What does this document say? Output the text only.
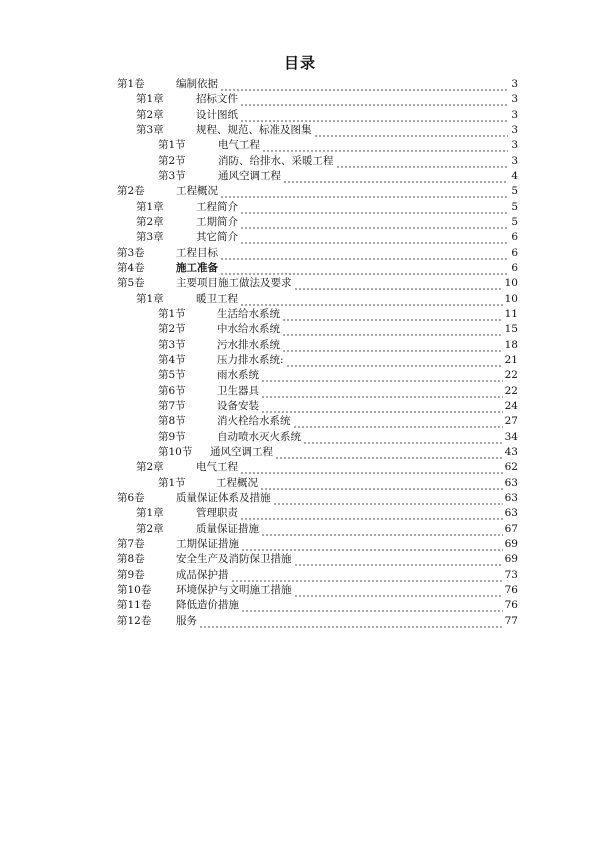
目录
第1卷	编制依据	3
第1章	招标文件	3
第2章	设计图纸	3
第3章	规程、规范、标准及图集	3
第1节	电气工程	3
第2节	消防、给排水、采暖工程	3
第3节	通风空调工程	4
第2卷	工程概况	5
第1章	工程简介	5
第2章	工期简介	5
第3章	其它简介	6
第3卷	工程目标	6
第4卷	施工准备	6
第5卷	主要项目施工做法及要求	10
第1章	暖卫工程	10
第1节	生活给水系统	11
第2节	中水给水系统	15
第3节	污水排水系统	18
第4节	压力排水系统:	21
第5节	雨水系统	22
第6节	卫生器具	22
第7节	设备安装	24
第8节	消火栓给水系统	27
第9节	自动喷水灭火系统	34
第10节	通风空调工程	43
第2章	电气工程	62
第1节	工程概况	63
第6卷	质量保证体系及措施	63
第1章	管理职责	63
第2章	质量保证措施	67
第7卷	工期保证措施	69
第8卷	安全生产及消防保卫措施	69
第9卷	成品保护措	73
第10卷	环境保护与文明施工措施	76
第11卷	降低造价措施	76
第12卷	服务	77
